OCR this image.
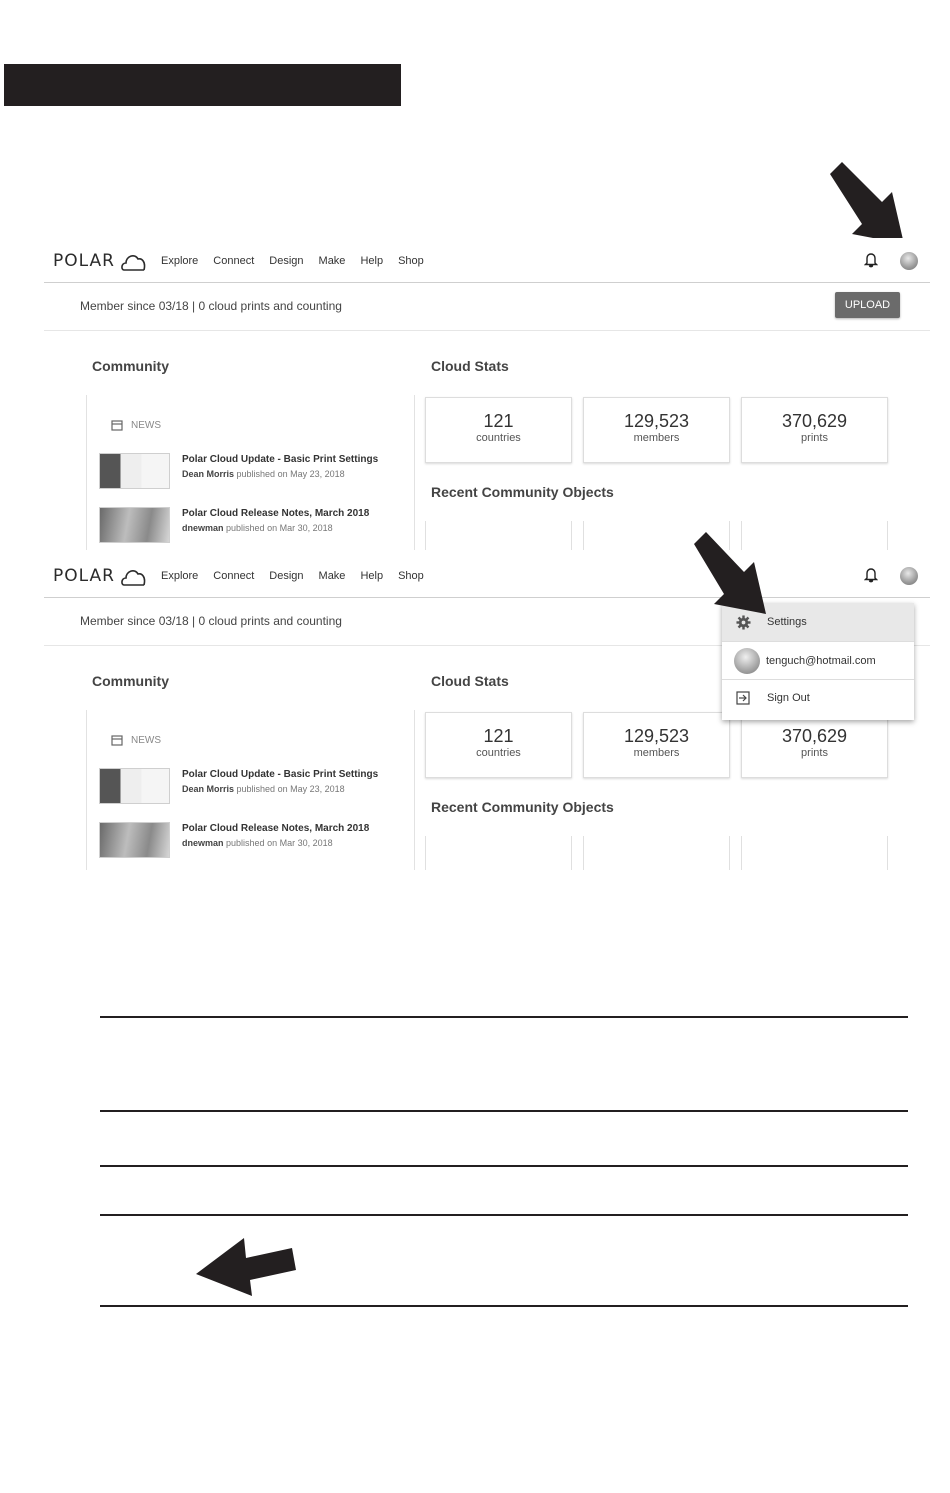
POLAR	Explore Connect Design Make Help Shop
Member since 03/18 | 0 cloud prints and counting	UPLOAD
Community	Cloud Stats
NEWS
Polar Cloud Update - Basic Print Settings
Dean Morris published on May 23, 2018
Polar Cloud Release Notes, March 2018
dnewman published on Mar 30, 2018
121
countries
129,523
members
370,629
prints
Recent Community Objects
POLAR	Explore Connect Design Make Help Shop
Member since 03/18 | 0 cloud prints and counting
Community	Cloud Stats
NEWS
Polar Cloud Update - Basic Print Settings
Dean Morris published on May 23, 2018
Polar Cloud Release Notes, March 2018
dnewman published on Mar 30, 2018
121
countries
129,523
members
370,629
prints
Recent Community Objects
Settings
tenguch@hotmail.com
Sign Out
